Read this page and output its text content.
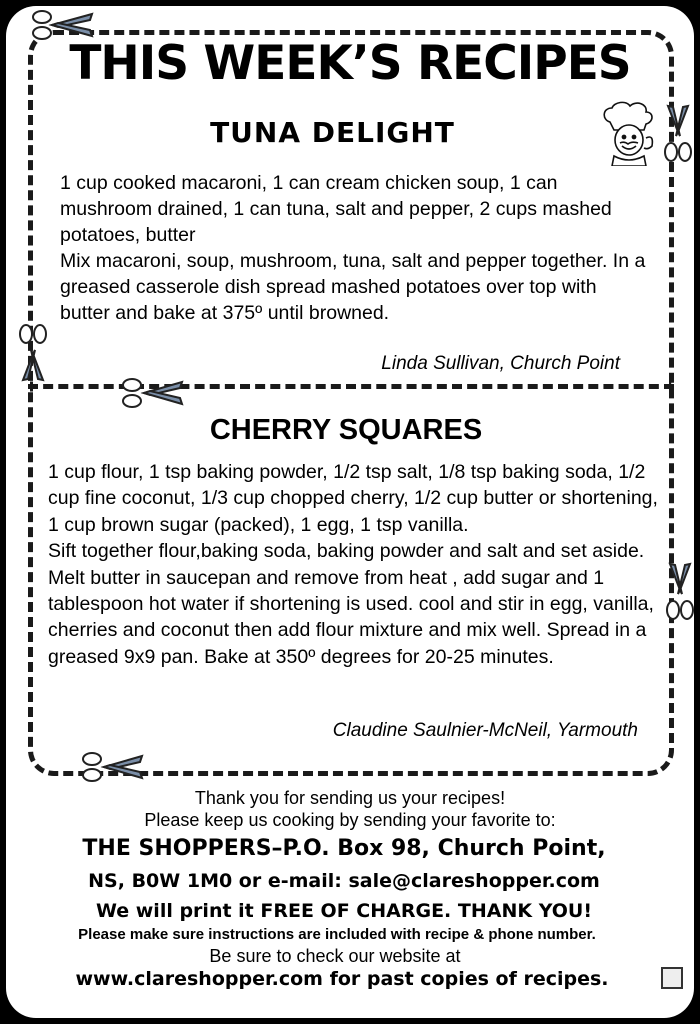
THIS WEEK’S RECIPES
TUNA DELIGHT
1 cup cooked macaroni, 1 can cream chicken soup, 1 can mushroom drained, 1 can tuna, salt and pepper, 2 cups mashed potatoes, butter
Mix macaroni, soup, mushroom, tuna, salt and pepper together. In a greased casserole dish spread mashed potatoes over top with butter and bake at 375º until browned.
Linda Sullivan, Church Point
CHERRY SQUARES
1 cup flour, 1 tsp baking powder, 1/2 tsp salt, 1/8 tsp baking soda, 1/2 cup fine coconut, 1/3 cup chopped cherry, 1/2 cup butter or shortening, 1 cup brown sugar (packed), 1 egg, 1 tsp vanilla.
Sift together flour,baking soda, baking powder and salt and set aside. Melt butter in saucepan and remove from heat , add sugar and 1 tablespoon hot water if shortening is used. cool and stir in egg, vanilla, cherries and coconut then add flour mixture and mix well. Spread in a greased 9x9 pan. Bake at 350º degrees for 20-25 minutes.
Claudine Saulnier-McNeil, Yarmouth
Thank you for sending us your recipes!
Please keep us cooking by sending your favorite to:
THE SHOPPERS–P.O. Box 98, Church Point,
NS, B0W 1M0 or e-mail: sale@clareshopper.com
We will print it FREE OF CHARGE. THANK YOU!
Please make sure instructions are included with recipe & phone number.
Be sure to check our website at
www.clareshopper.com for past copies of recipes.
